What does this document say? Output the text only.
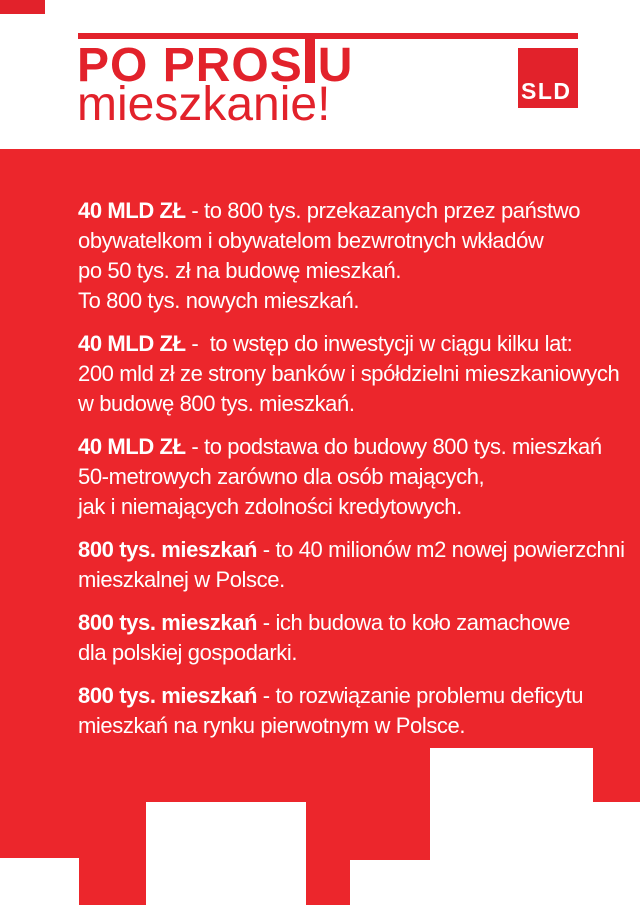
PO PROS U
mieszkanie!	SLD
40 MLD ZŁ - to 800 tys. przekazanych przez państwo
obywatelkom i obywatelom bezwrotnych wkładów
po 50 tys. zł na budowę mieszkań.
To 800 tys. nowych mieszkań.
40 MLD ZŁ -  to wstęp do inwestycji w ciągu kilku lat:
200 mld zł ze strony banków i spółdzielni mieszkaniowych
w budowę 800 tys. mieszkań.
40 MLD ZŁ - to podstawa do budowy 800 tys. mieszkań
50-metrowych zarówno dla osób mających,
jak i niemających zdolności kredytowych.
800 tys. mieszkań - to 40 milionów m2 nowej powierzchni
mieszkalnej w Polsce.
800 tys. mieszkań - ich budowa to koło zamachowe
dla polskiej gospodarki.
800 tys. mieszkań - to rozwiązanie problemu deficytu
mieszkań na rynku pierwotnym w Polsce.
